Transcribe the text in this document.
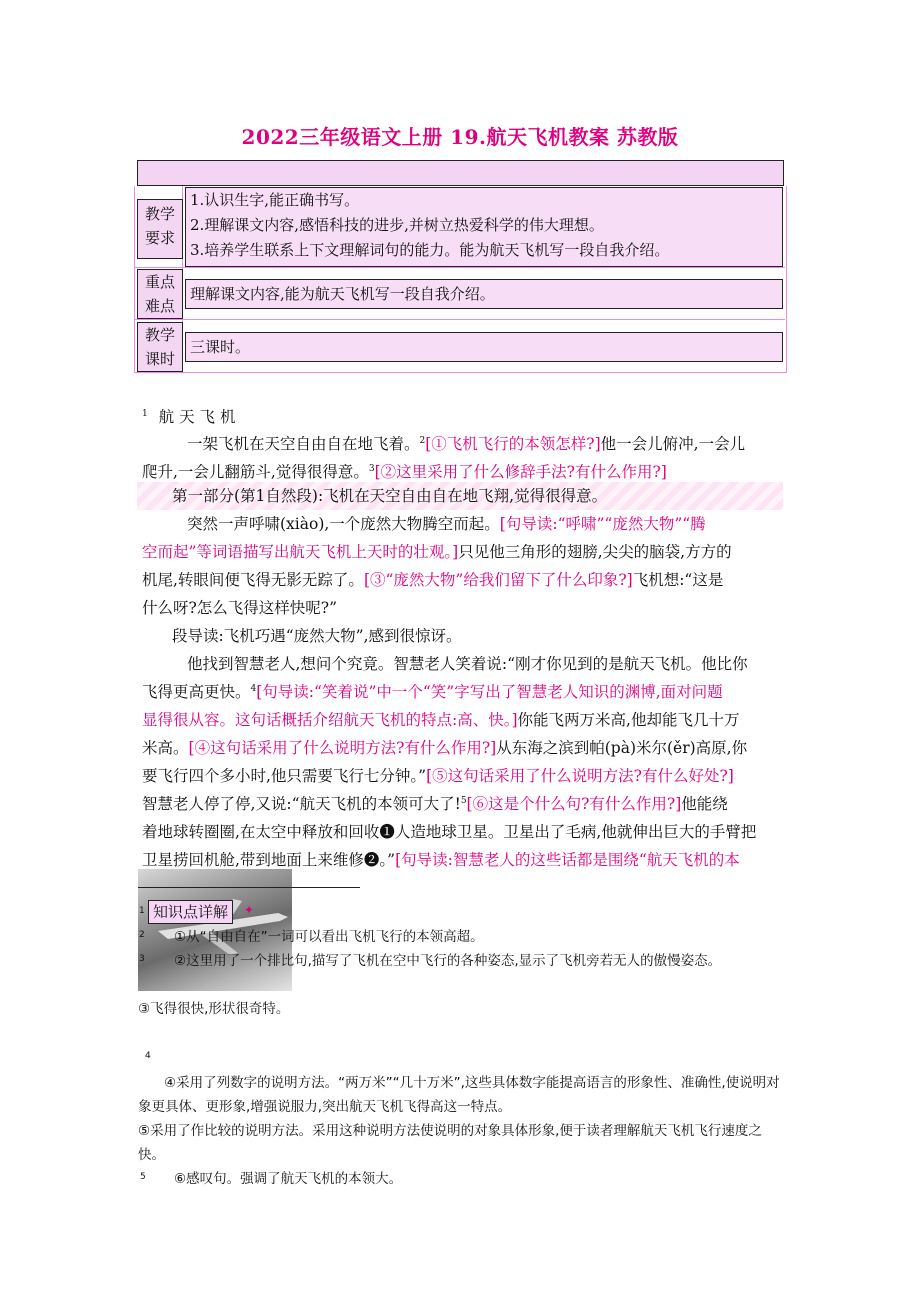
2022三年级语文上册 19.航天飞机教案 苏教版
教学
要求
1.认识生字,能正确书写。
2.理解课文内容,感悟科技的进步,并树立热爱科学的伟大理想。
3.培养学生联系上下文理解词句的能力。能为航天飞机写一段自我介绍。
重点
难点
理解课文内容,能为航天飞机写一段自我介绍。
教学
课时
三课时。
$^1$ 航 天 飞 机
一架飞机在天空自由自在地飞着。$^2$[①飞机飞行的本领怎样?]他一会儿俯冲,一会儿
爬升,一会儿翻筋斗,觉得很得意。$^3$[②这里采用了什么修辞手法?有什么作用?]
第一部分(第1自然段):飞机在天空自由自在地飞翔,觉得很得意。
突然一声呼啸(xiào),一个庞然大物腾空而起。[句导读:“呼啸”“庞然大物”“腾
空而起”等词语描写出航天飞机上天时的壮观。]只见他三角形的翅膀,尖尖的脑袋,方方的
机尾,转眼间便飞得无影无踪了。[③“庞然大物”给我们留下了什么印象?]飞机想:“这是
什么呀?怎么飞得这样快呢?”
段导读:飞机巧遇“庞然大物”,感到很惊讶。
他找到智慧老人,想问个究竟。智慧老人笑着说:“刚才你见到的是航天飞机。他比你
飞得更高更快。$^4$[句导读:“笑着说”中一个“笑”字写出了智慧老人知识的渊博,面对问题
显得很从容。这句话概括介绍航天飞机的特点:高、快。]你能飞两万米高,他却能飞几十万
米高。[④这句话采用了什么说明方法?有什么作用?]从东海之滨到帕(pà)米尔(ěr)高原,你
要飞行四个多小时,他只需要飞行七分钟。”[⑤这句话采用了什么说明方法?有什么好处?]
智慧老人停了停,又说:“航天飞机的本领可大了!$^5$[⑥这是个什么句?有什么作用?]他能绕
着地球转圈圈,在太空中释放和回收❶人造地球卫星。卫星出了毛病,他就伸出巨大的手臂把
卫星捞回机舱,带到地面上来维修❷。”[句导读:智慧老人的这些话都是围绕“航天飞机的本
知识点详解
1	✦
2 ①从“自由自在”一词可以看出飞机飞行的本领高超。
3 ②这里用了一个排比句,描写了飞机在空中飞行的各种姿态,显示了飞机旁若无人的傲慢姿态。
③飞得很快,形状很奇特。
4
④采用了列数字的说明方法。“两万米”“几十万米”,这些具体数字能提高语言的形象性、准确性,使说明对
象更具体、更形象,增强说服力,突出航天飞机飞得高这一特点。
⑤采用了作比较的说明方法。采用这种说明方法使说明的对象具体形象,便于读者理解航天飞机飞行速度之
快。
5 ⑥感叹句。强调了航天飞机的本领大。
